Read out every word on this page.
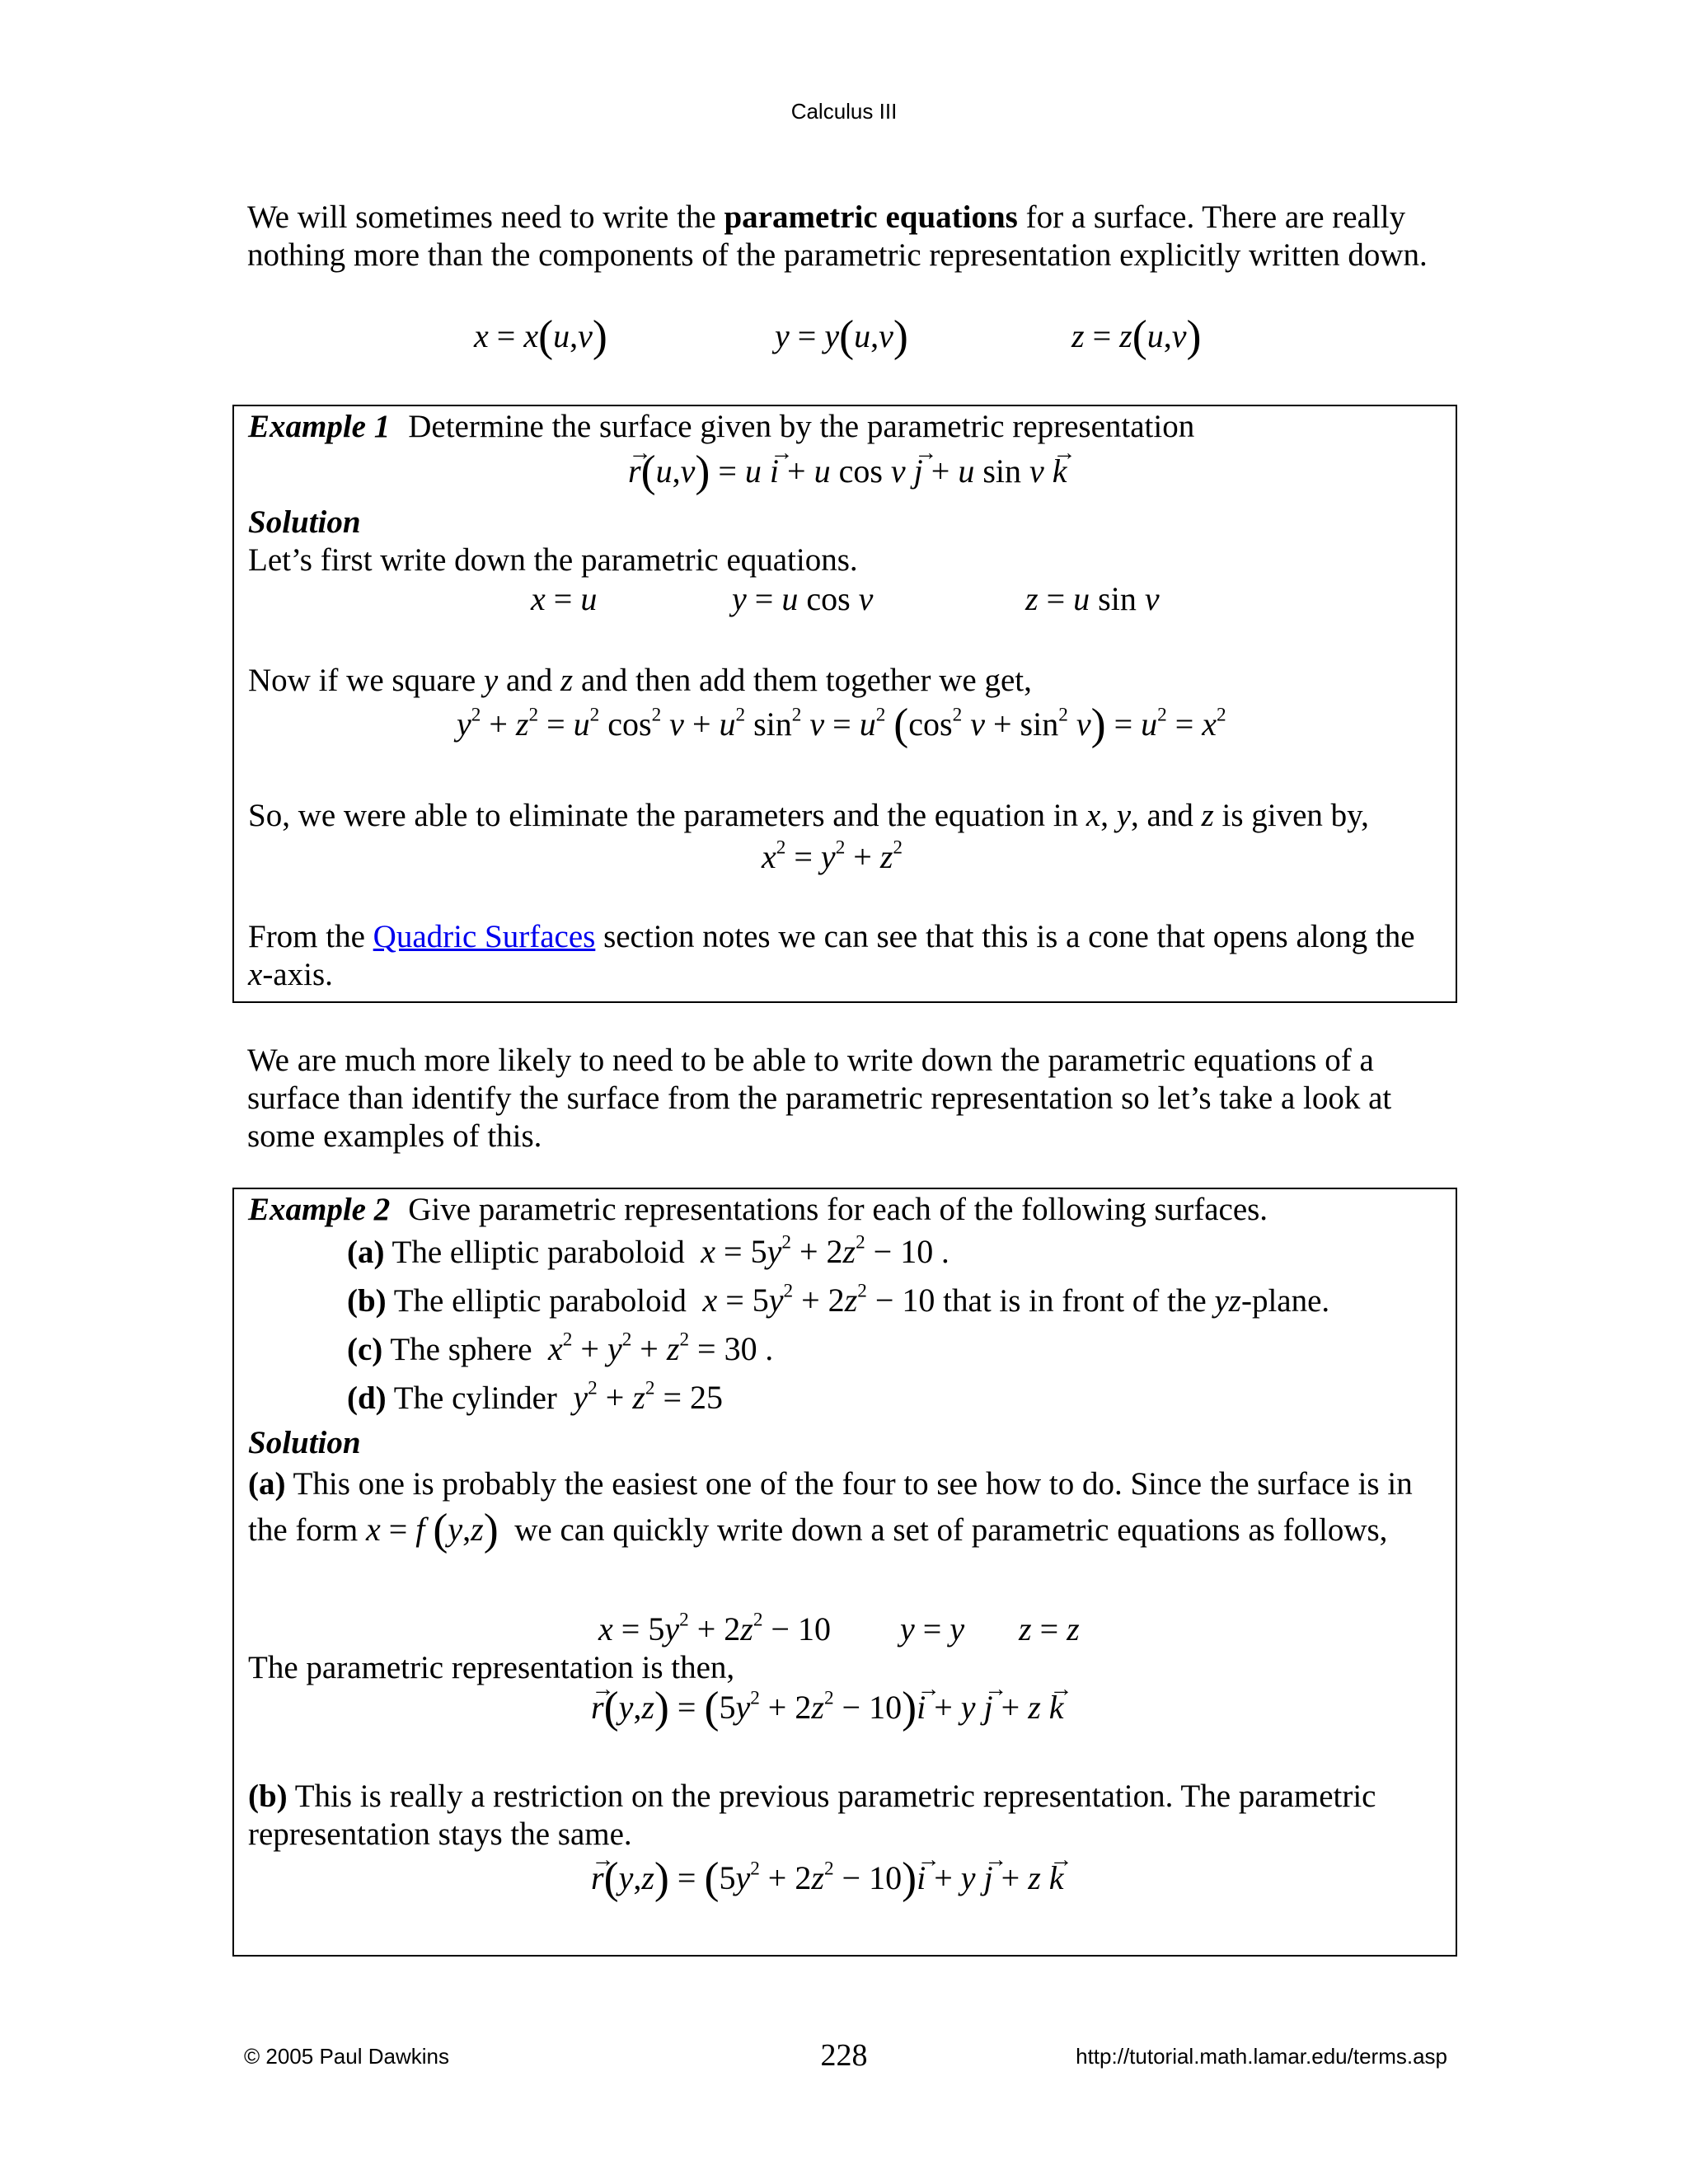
Calculus III
We will sometimes need to write the parametric equations for a surface. There are really nothing more than the components of the parametric representation explicitly written down.
x = x(u,v)	y = y(u,v)	z = z(u,v)
Example 1 Determine the surface given by the parametric representation
→ r(u,v) = u → i + u cos v → j + u sin v → k
Solution
Let’s first write down the parametric equations.
x = u	y = u cos v	z = u sin v
Now if we square y and z and then add them together we get,
$y^2 + z^2 = u^2$ $\cos^2 v + u^2$ $\sin^2 v = u^2$ ($\cos^2$ $v + \sin^2 v) = u^2 = x^2$
So, we were able to eliminate the parameters and the equation in x, y, and z is given by,
$x^2 = y^2 + z^2$
From the Quadric Surfaces section notes we can see that this is a cone that opens along the x-axis.
We are much more likely to need to be able to write down the parametric equations of a surface than identify the surface from the parametric representation so let’s take a look at some examples of this.
Example 2 Give parametric representations for each of the following surfaces.
(a) The elliptic paraboloid $x = 5y^2 + 2z^2 - 10$ .
(b) The elliptic paraboloid $x = 5y^2 + 2z^2 - 10$ that is in front of the yz-plane.
(c) The sphere $x^2 + y^2 + z^2 = 30$ .
(d) The cylinder $y^2 + z^2 = 25$
Solution
(a) This one is probably the easiest one of the four to see how to do. Since the surface is in the form x = f (y,z)  we can quickly write down a set of parametric equations as follows,
$x = 5y^2 + 2z^2 - 10$ y = y z = z
The parametric representation is then,
→ $r(y,z) = (5y^2 + 2z^2 - 10)\to i + y \to j + z \to k$
(b) This is really a restriction on the previous parametric representation. The parametric representation stays the same.
→ $r(y,z) = (5y^2 + 2z^2 - 10)\to i + y \to j + z \to k$
© 2005 Paul Dawkins	228	http://tutorial.math.lamar.edu/terms.asp
